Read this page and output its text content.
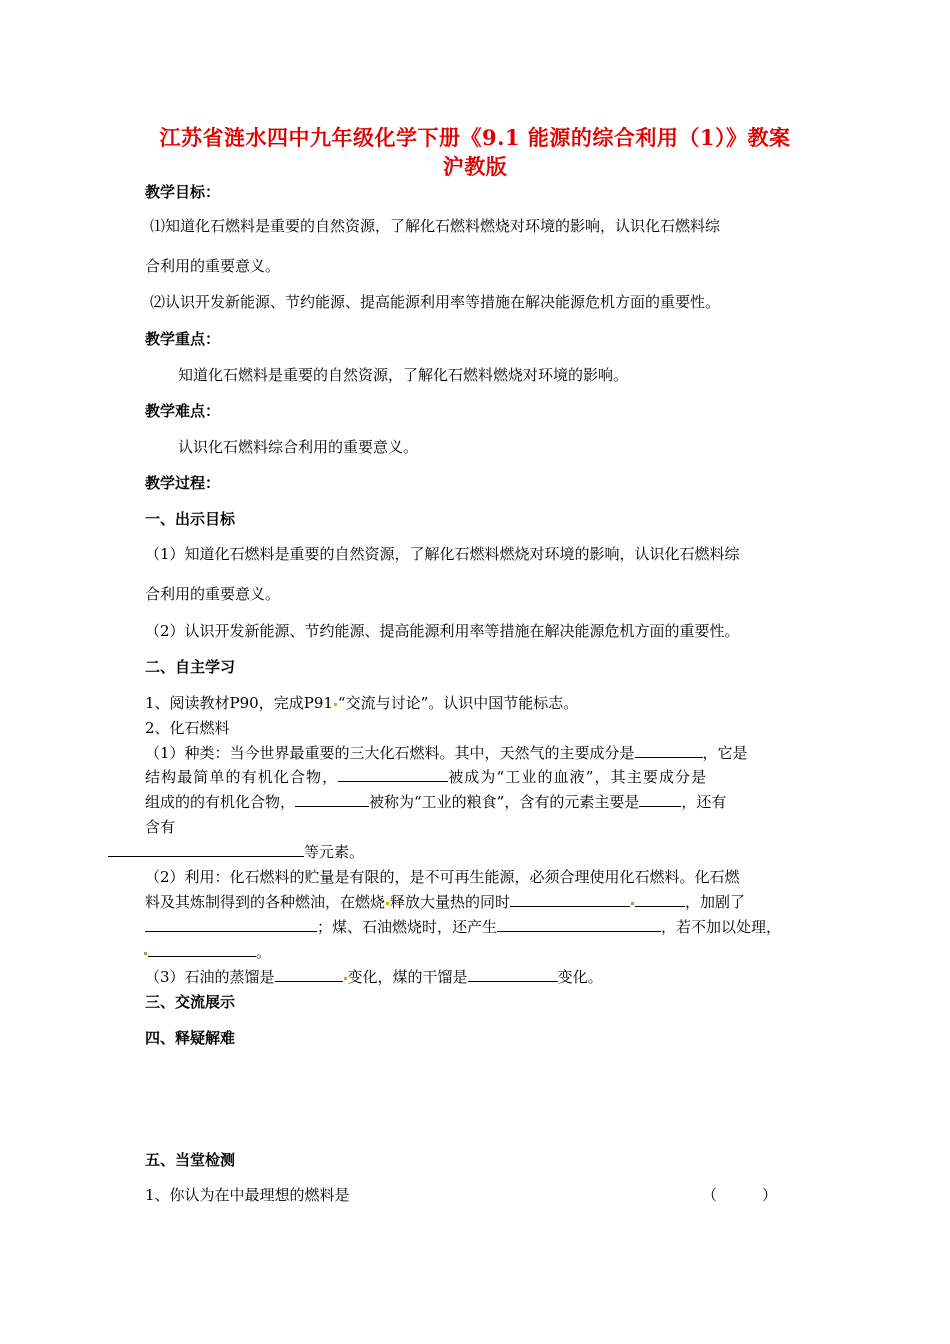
江苏省涟水四中九年级化学下册《9.1 能源的综合利用（1）》教案
沪教版
教学目标：
⑴知道化石燃料是重要的自然资源，了解化石燃料燃烧对环境的影响，认识化石燃料综
合利用的重要意义。
⑵认识开发新能源、节约能源、提高能源利用率等措施在解决能源危机方面的重要性。
教学重点：
知道化石燃料是重要的自然资源，了解化石燃料燃烧对环境的影响。
教学难点：
认识化石燃料综合利用的重要意义。
教学过程：
一、出示目标
（1）知道化石燃料是重要的自然资源，了解化石燃料燃烧对环境的影响，认识化石燃料综
合利用的重要意义。
（2）认识开发新能源、节约能源、提高能源利用率等措施在解决能源危机方面的重要性。
二、自主学习
1、阅读教材P90，完成P91 “交流与讨论”。认识中国节能标志。
2、化石燃料
（1）种类：当今世界最重要的三大化石燃料。其中，天然气的主要成分是	，它是
结构最简单的有机化合物，	被成为“工业的血液”，其主要成分是
组成的的有机化合物，	被称为“工业的粮食”，含有的元素主要是	，还有
含有
等元素。
（2）利用：化石燃料的贮量是有限的，是不可再生能源，必须合理使用化石燃料。化石燃
料及其炼制得到的各种燃油，在燃烧 释放大量热的同时	，加剧了
；煤、石油燃烧时，还产生	，若不加以处理，
。
（3）石油的蒸馏是	变化，煤的干馏是	变化。
三、交流展示
四、释疑解难
五、当堂检测
1、你认为在中最理想的燃料是	（　　　）
